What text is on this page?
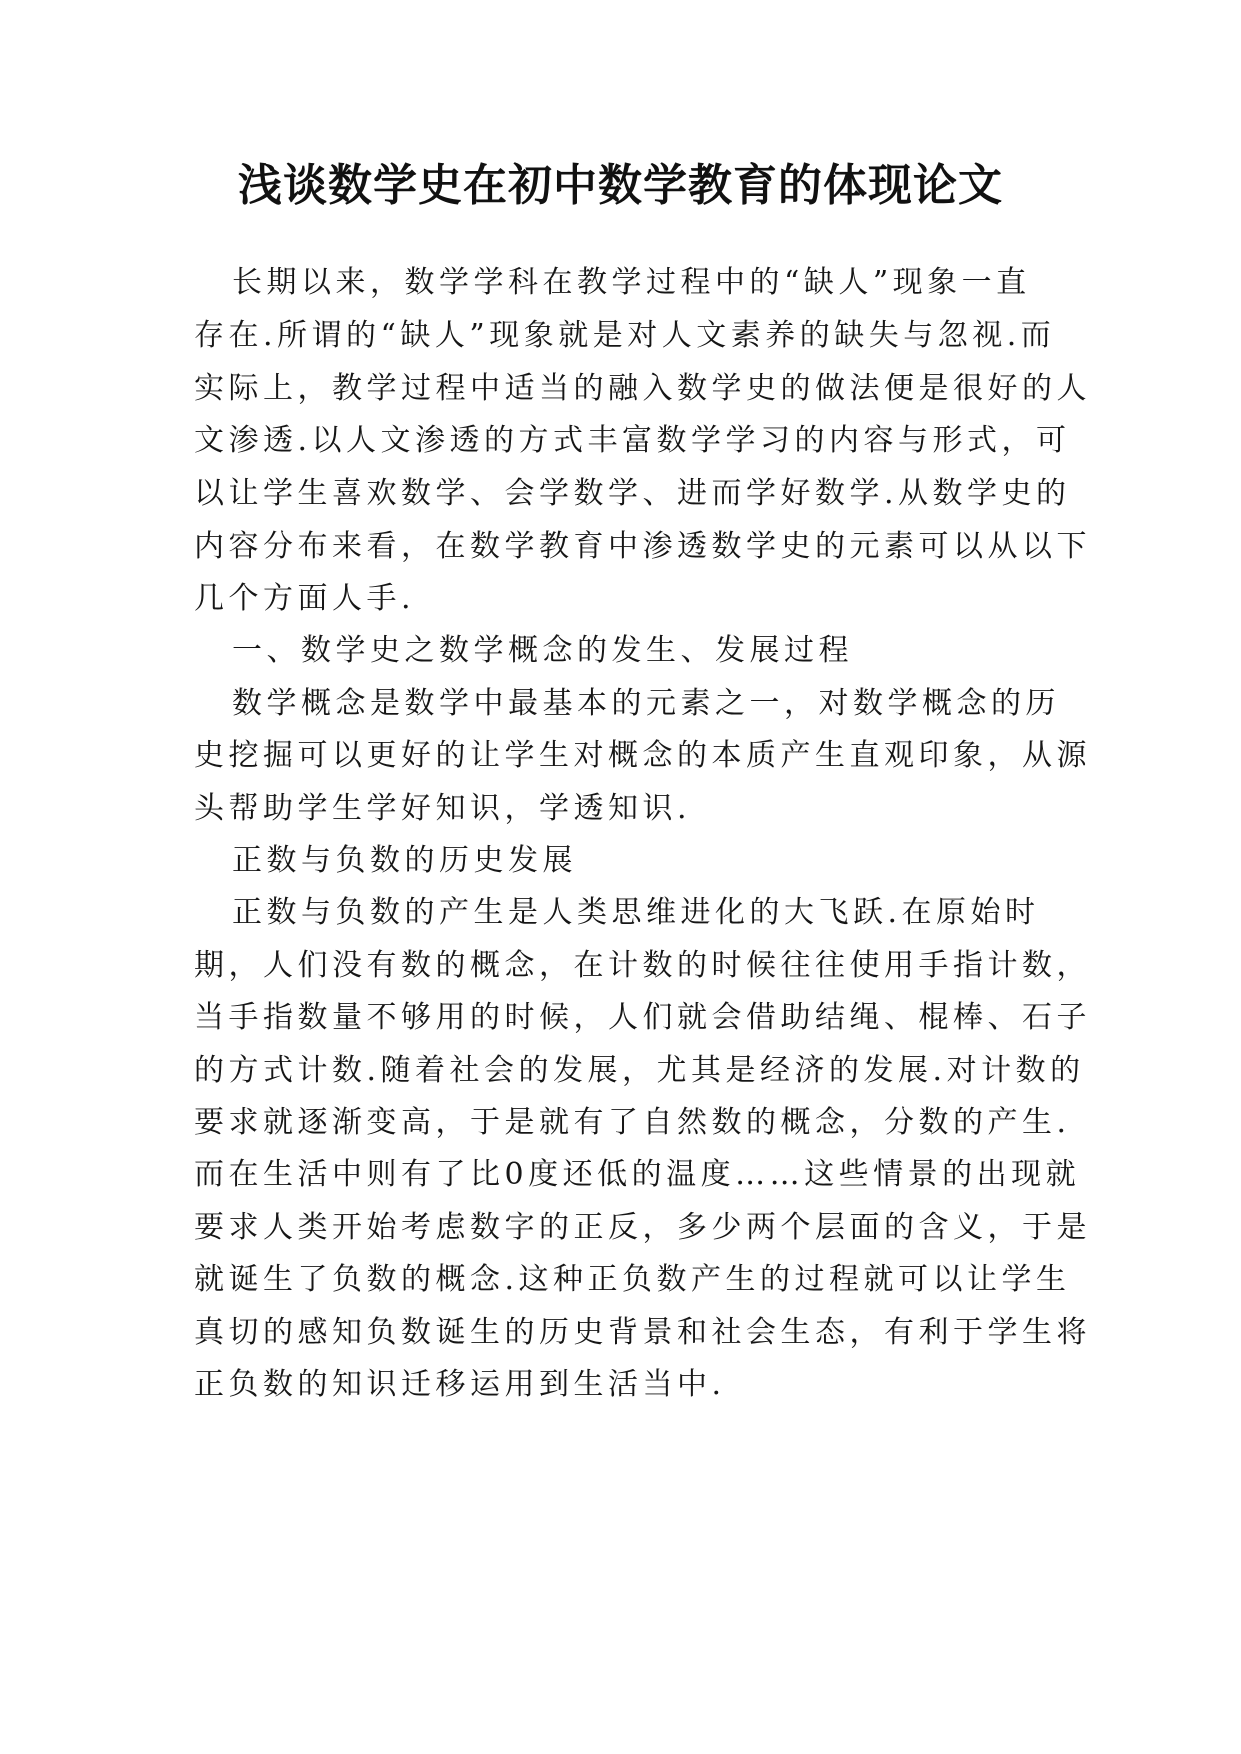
浅谈数学史在初中数学教育的体现论文

长期以来，数学学科在教学过程中的“缺人”现象一直

存在.所谓的“缺人”现象就是对人文素养的缺失与忽视.而

实际上，教学过程中适当的融入数学史的做法便是很好的人

文渗透.以人文渗透的方式丰富数学学习的内容与形式，可

以让学生喜欢数学、会学数学、进而学好数学.从数学史的

内容分布来看，在数学教育中渗透数学史的元素可以从以下

几个方面人手.

一、数学史之数学概念的发生、发展过程

数学概念是数学中最基本的元素之一，对数学概念的历

史挖掘可以更好的让学生对概念的本质产生直观印象，从源

头帮助学生学好知识，学透知识.

正数与负数的历史发展

正数与负数的产生是人类思维进化的大飞跃.在原始时

期，人们没有数的概念，在计数的时候往往使用手指计数，

当手指数量不够用的时候，人们就会借助结绳、棍棒、石子

的方式计数.随着社会的发展，尤其是经济的发展.对计数的

要求就逐渐变高，于是就有了自然数的概念，分数的产生.

而在生活中则有了比0度还低的温度……这些情景的出现就

要求人类开始考虑数字的正反，多少两个层面的含义，于是

就诞生了负数的概念.这种正负数产生的过程就可以让学生

真切的感知负数诞生的历史背景和社会生态，有利于学生将

正负数的知识迁移运用到生活当中.
